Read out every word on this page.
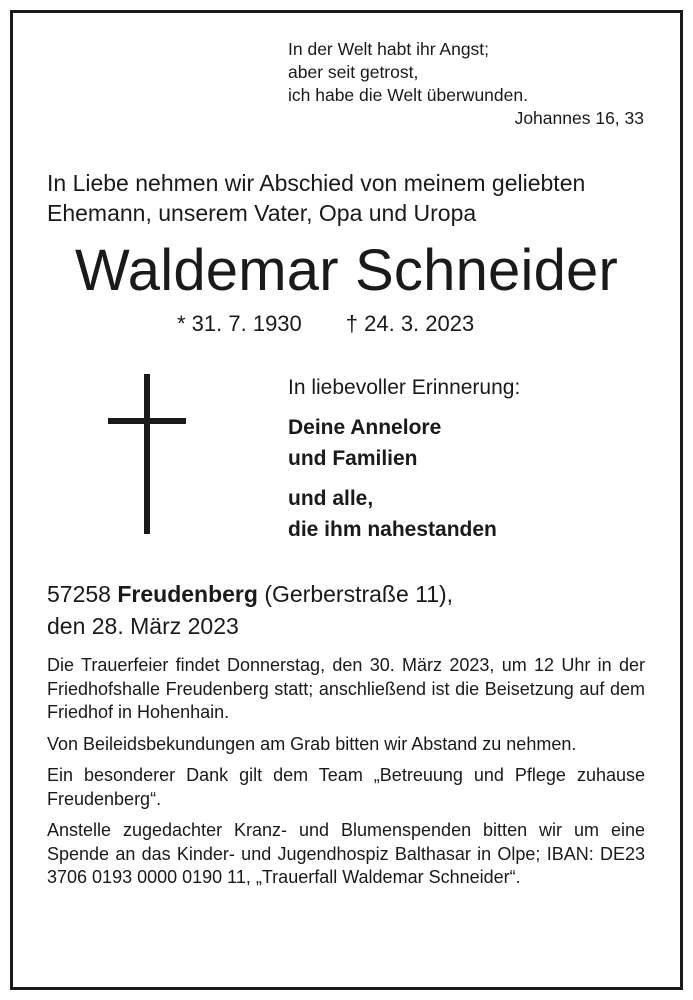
In der Welt habt ihr Angst;
aber seit getrost,
ich habe die Welt überwunden.
Johannes 16, 33
In Liebe nehmen wir Abschied von meinem geliebten
Ehemann, unserem Vater, Opa und Uropa
Waldemar Schneider
* 31. 7. 1930 † 24. 3. 2023
In liebevoller Erinnerung:
Deine Annelore
und Familien
und alle,
die ihm nahestanden
57258 Freudenberg (Gerberstraße 11),
den 28. März 2023

Die Trauerfeier findet Donnerstag, den 30. März 2023, um 12 Uhr in der Friedhofshalle Freudenberg statt; anschließend ist die Beisetzung auf dem Friedhof in Hohenhain.

Von Beileidsbekundungen am Grab bitten wir Abstand zu nehmen.

Ein besonderer Dank gilt dem Team „Betreuung und Pflege zuhause Freudenberg“.

Anstelle zugedachter Kranz- und Blumenspenden bitten wir um eine Spende an das Kinder- und Jugendhospiz Balthasar in Olpe; IBAN: DE23 3706 0193 0000 0190 11, „Trauerfall Waldemar Schneider“.
